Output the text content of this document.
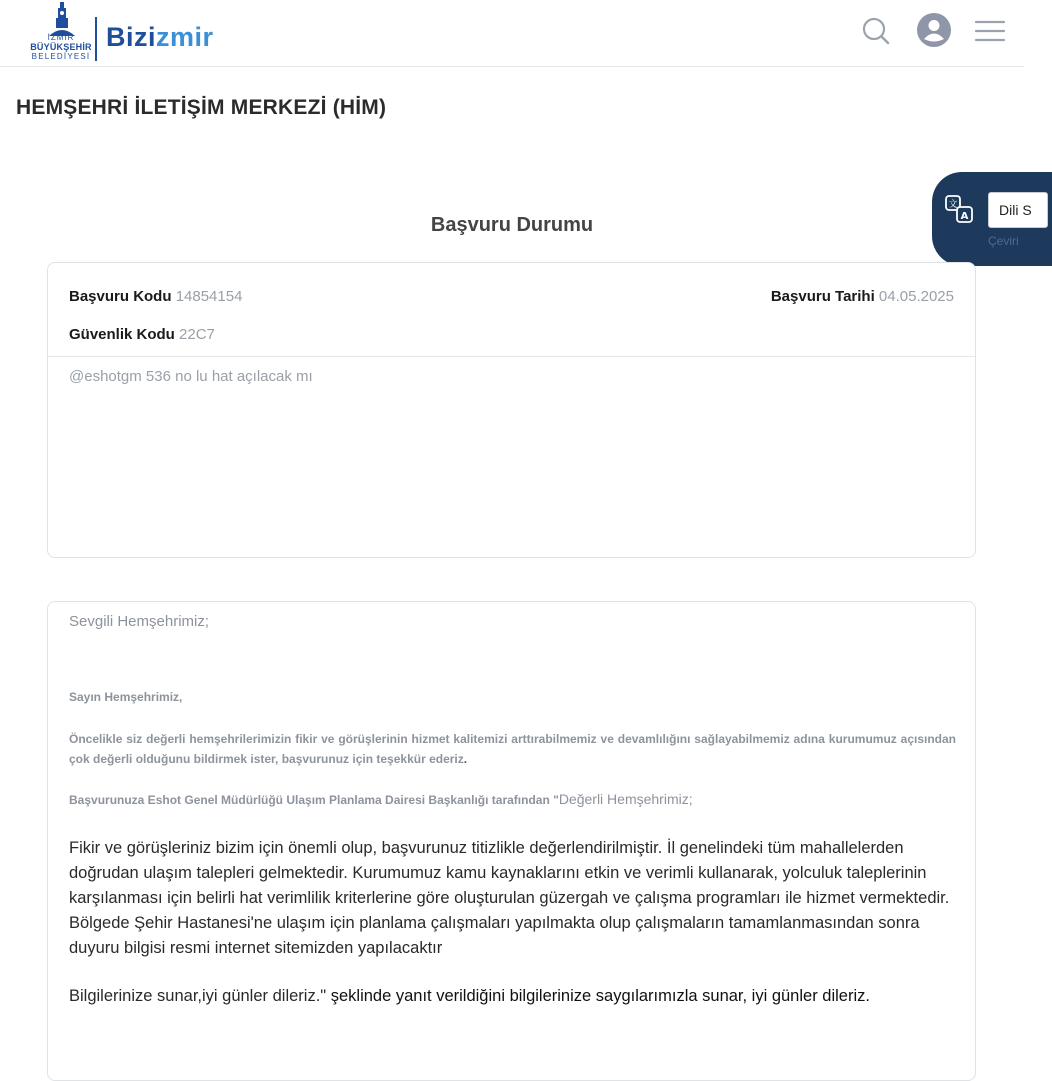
İZMİR
BÜYÜKŞEHİR
BELEDİYESİ
Bizizmir
HEMŞEHRİ İLETİŞİM MERKEZİ (HİM)
文
A	Dili S
Çeviri
Başvuru Durumu
Başvuru Kodu 14854154	Başvuru Tarihi 04.05.2025
Güvenlik Kodu 22C7
@eshotgm 536 no lu hat açılacak mı
Sevgili Hemşehrimiz;
Sayın Hemşehrimiz,
Öncelikle siz değerli hemşehrilerimizin fikir ve görüşlerinin hizmet kalitemizi arttırabilmemiz ve devamlılığını sağlayabilmemiz adına kurumumuz açısından çok değerli olduğunu bildirmek ister, başvurunuz için teşekkür ederiz.
Başvurunuza Eshot Genel Müdürlüğü Ulaşım Planlama Dairesi Başkanlığı tarafından "Değerli Hemşehrimiz;
Fikir ve görüşleriniz bizim için önemli olup, başvurunuz titizlikle değerlendirilmiştir. İl genelindeki tüm mahallelerden doğrudan ulaşım talepleri gelmektedir. Kurumumuz kamu kaynaklarını etkin ve verimli kullanarak, yolculuk taleplerinin karşılanması için belirli hat verimlilik kriterlerine göre oluşturulan güzergah ve çalışma programları ile hizmet vermektedir. Bölgede Şehir Hastanesi'ne ulaşım için planlama çalışmaları yapılmakta olup çalışmaların tamamlanmasından sonra duyuru bilgisi resmi internet sitemizden yapılacaktır
Bilgilerinize sunar,iyi günler dileriz." şeklinde yanıt verildiğini bilgilerinize saygılarımızla sunar, iyi günler dileriz.
